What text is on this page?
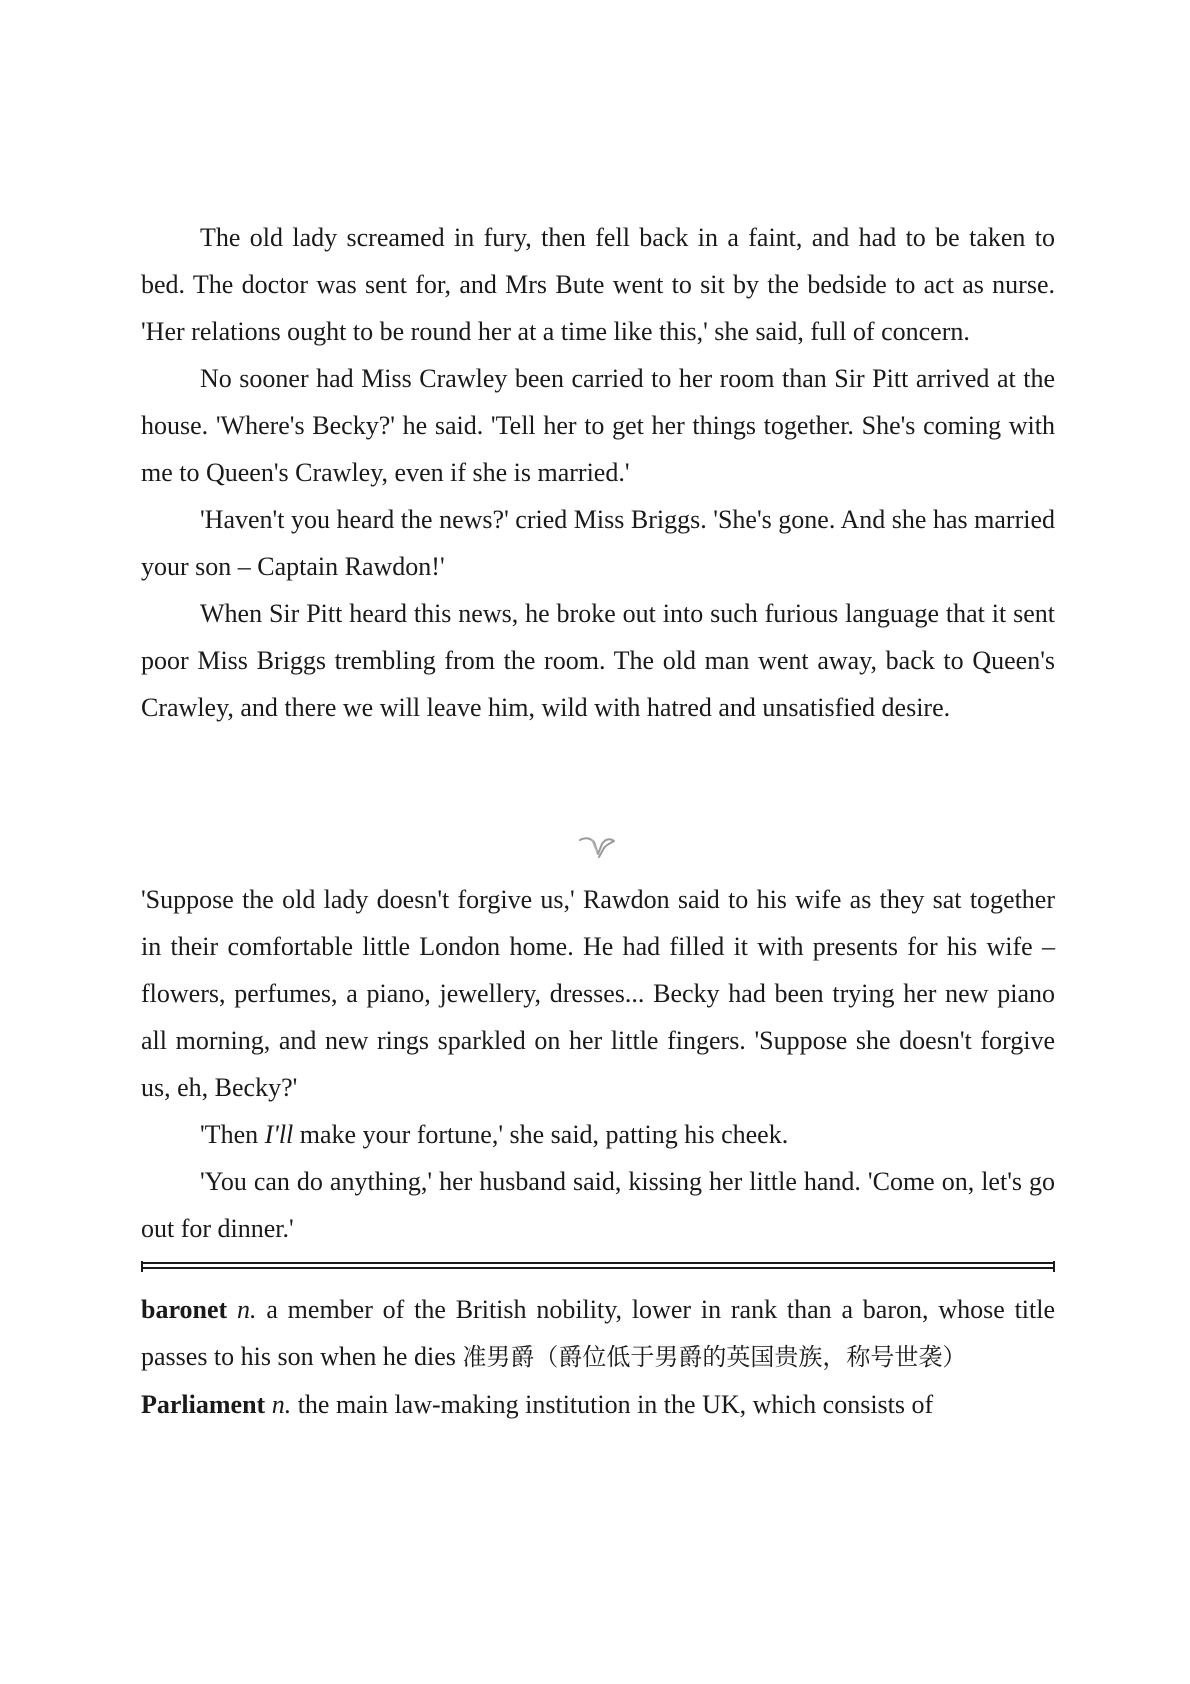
The old lady screamed in fury, then fell back in a faint, and had to be taken to bed. The doctor was sent for, and Mrs Bute went to sit by the bedside to act as nurse. 'Her relations ought to be round her at a time like this,' she said, full of concern.

No sooner had Miss Crawley been carried to her room than Sir Pitt arrived at the house. 'Where's Becky?' he said. 'Tell her to get her things together. She's coming with me to Queen's Crawley, even if she is married.'

'Haven't you heard the news?' cried Miss Briggs. 'She's gone. And she has married your son – Captain Rawdon!'

When Sir Pitt heard this news, he broke out into such furious language that it sent poor Miss Briggs trembling from the room. The old man went away, back to Queen's Crawley, and there we will leave him, wild with hatred and unsatisfied desire.

'Suppose the old lady doesn't forgive us,' Rawdon said to his wife as they sat together in their comfortable little London home. He had filled it with presents for his wife – flowers, perfumes, a piano, jewellery, dresses... Becky had been trying her new piano all morning, and new rings sparkled on her little fingers. 'Suppose she doesn't forgive us, eh, Becky?'

'Then I'll make your fortune,' she said, patting his cheek.

'You can do anything,' her husband said, kissing her little hand. 'Come on, let's go out for dinner.'

baronet n. a member of the British nobility, lower in rank than a baron, whose title passes to his son when he dies 准男爵（爵位低于男爵的英国贵族，称号世袭）

Parliament n. the main law-making institution in the UK, which consists of
